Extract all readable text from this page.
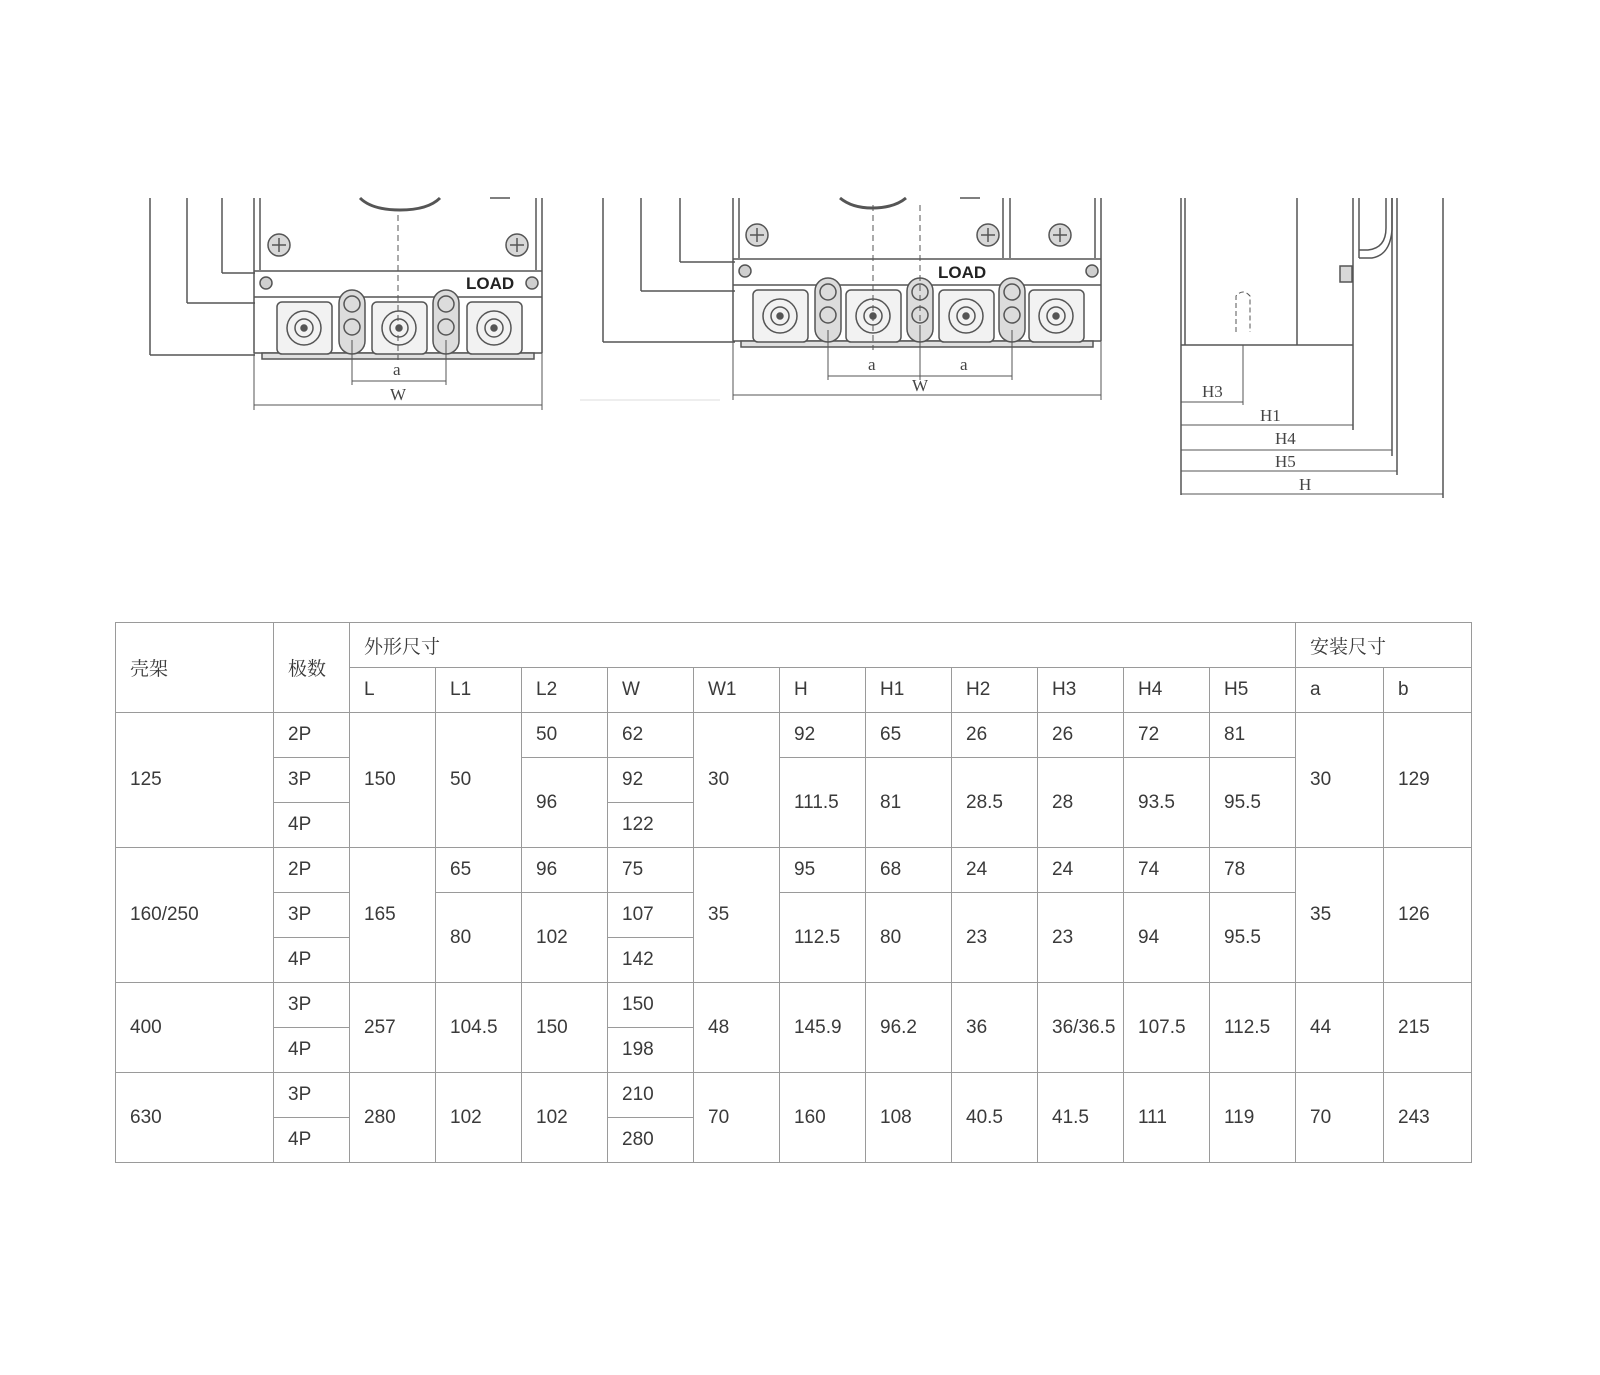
LOAD
a
W
LOAD
a	a
W	H3
H1
H4
H5
H
壳架	极数	外形尺寸											安装尺寸	
		L	L1	L2	W	W1	H	H1	H2	H3	H4	H5	a	b
125	2P	150	50	50	62	30	92	65	26	26	72	81	30	129
	3P			96	92		111.5	81	28.5	28	93.5	95.5		
	4P				122									
160/250	2P	165	65	96	75	35	95	68	24	24	74	78	35	126
	3P		80	102	107		112.5	80	23	23	94	95.5		
	4P				142									
400	3P	257	104.5	150	150	48	145.9	96.2	36	36/36.5	107.5	112.5	44	215
	4P				198									
630	3P	280	102	102	210	70	160	108	40.5	41.5	111	119	70	243
	4P				280									
